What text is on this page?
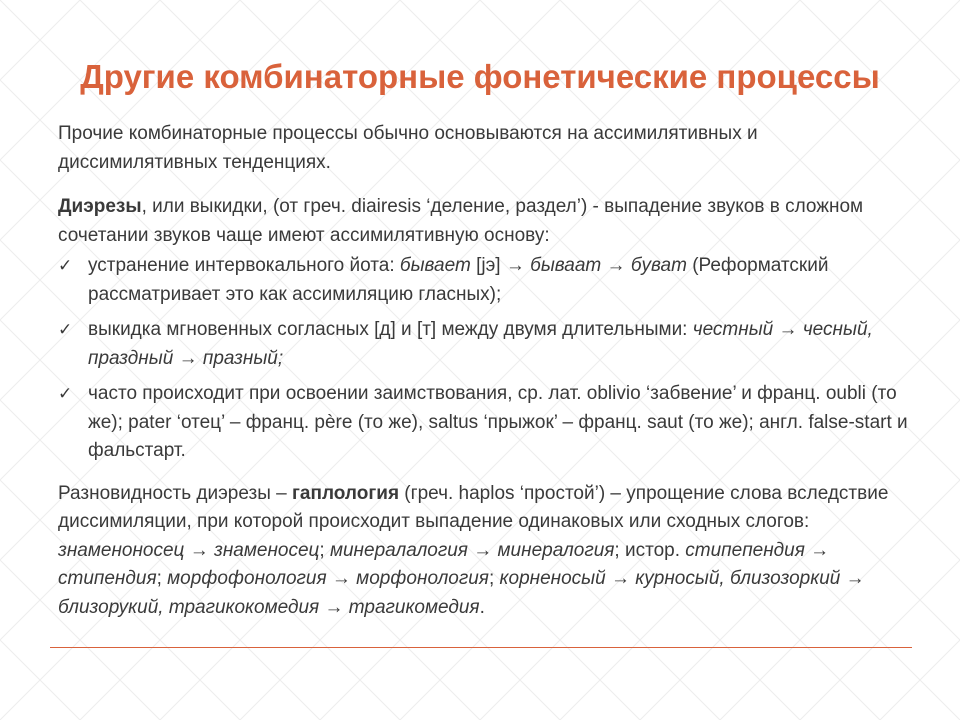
Другие комбинаторные фонетические процессы

Прочие комбинаторные процессы обычно основываются на ассимилятивных и диссимилятивных тенденциях.

Диэрезы, или выкидки, (от греч. diairesis ‘деление, раздел’) - выпадение звуков в сложном сочетании звуков чаще имеют ассимилятивную основу:

✓ устранение интервокального йота: бывает [jэ] → бываат → бyват (Реформатский рассматривает это как ассимиляцию гласных);
✓ выкидка мгновенных согласных [д] и [т] между двумя длительными: честный → чесный, праздный → празный;
✓ часто происходит при освоении заимствования, ср. лат. oblivio ‘забвение’ и франц. oubli (то же); pater ‘отец’ – франц. père (то же), saltus ‘прыжок’ – франц. saut (то же); англ. false-start и фальстарт.

Разновидность диэрезы – гаплология (греч. haplos ‘простой’) – упрощение слова вследствие диссимиляции, при которой происходит выпадение одинаковых или сходных слогов: знаменоносец → знаменосец; минералалогия → минералогия; истор. стипепендия → стипендия; морфофонология → морфонология; корненосый → курносый, близозоркий → близорукий, трагикокомедия → трагикомедия.
